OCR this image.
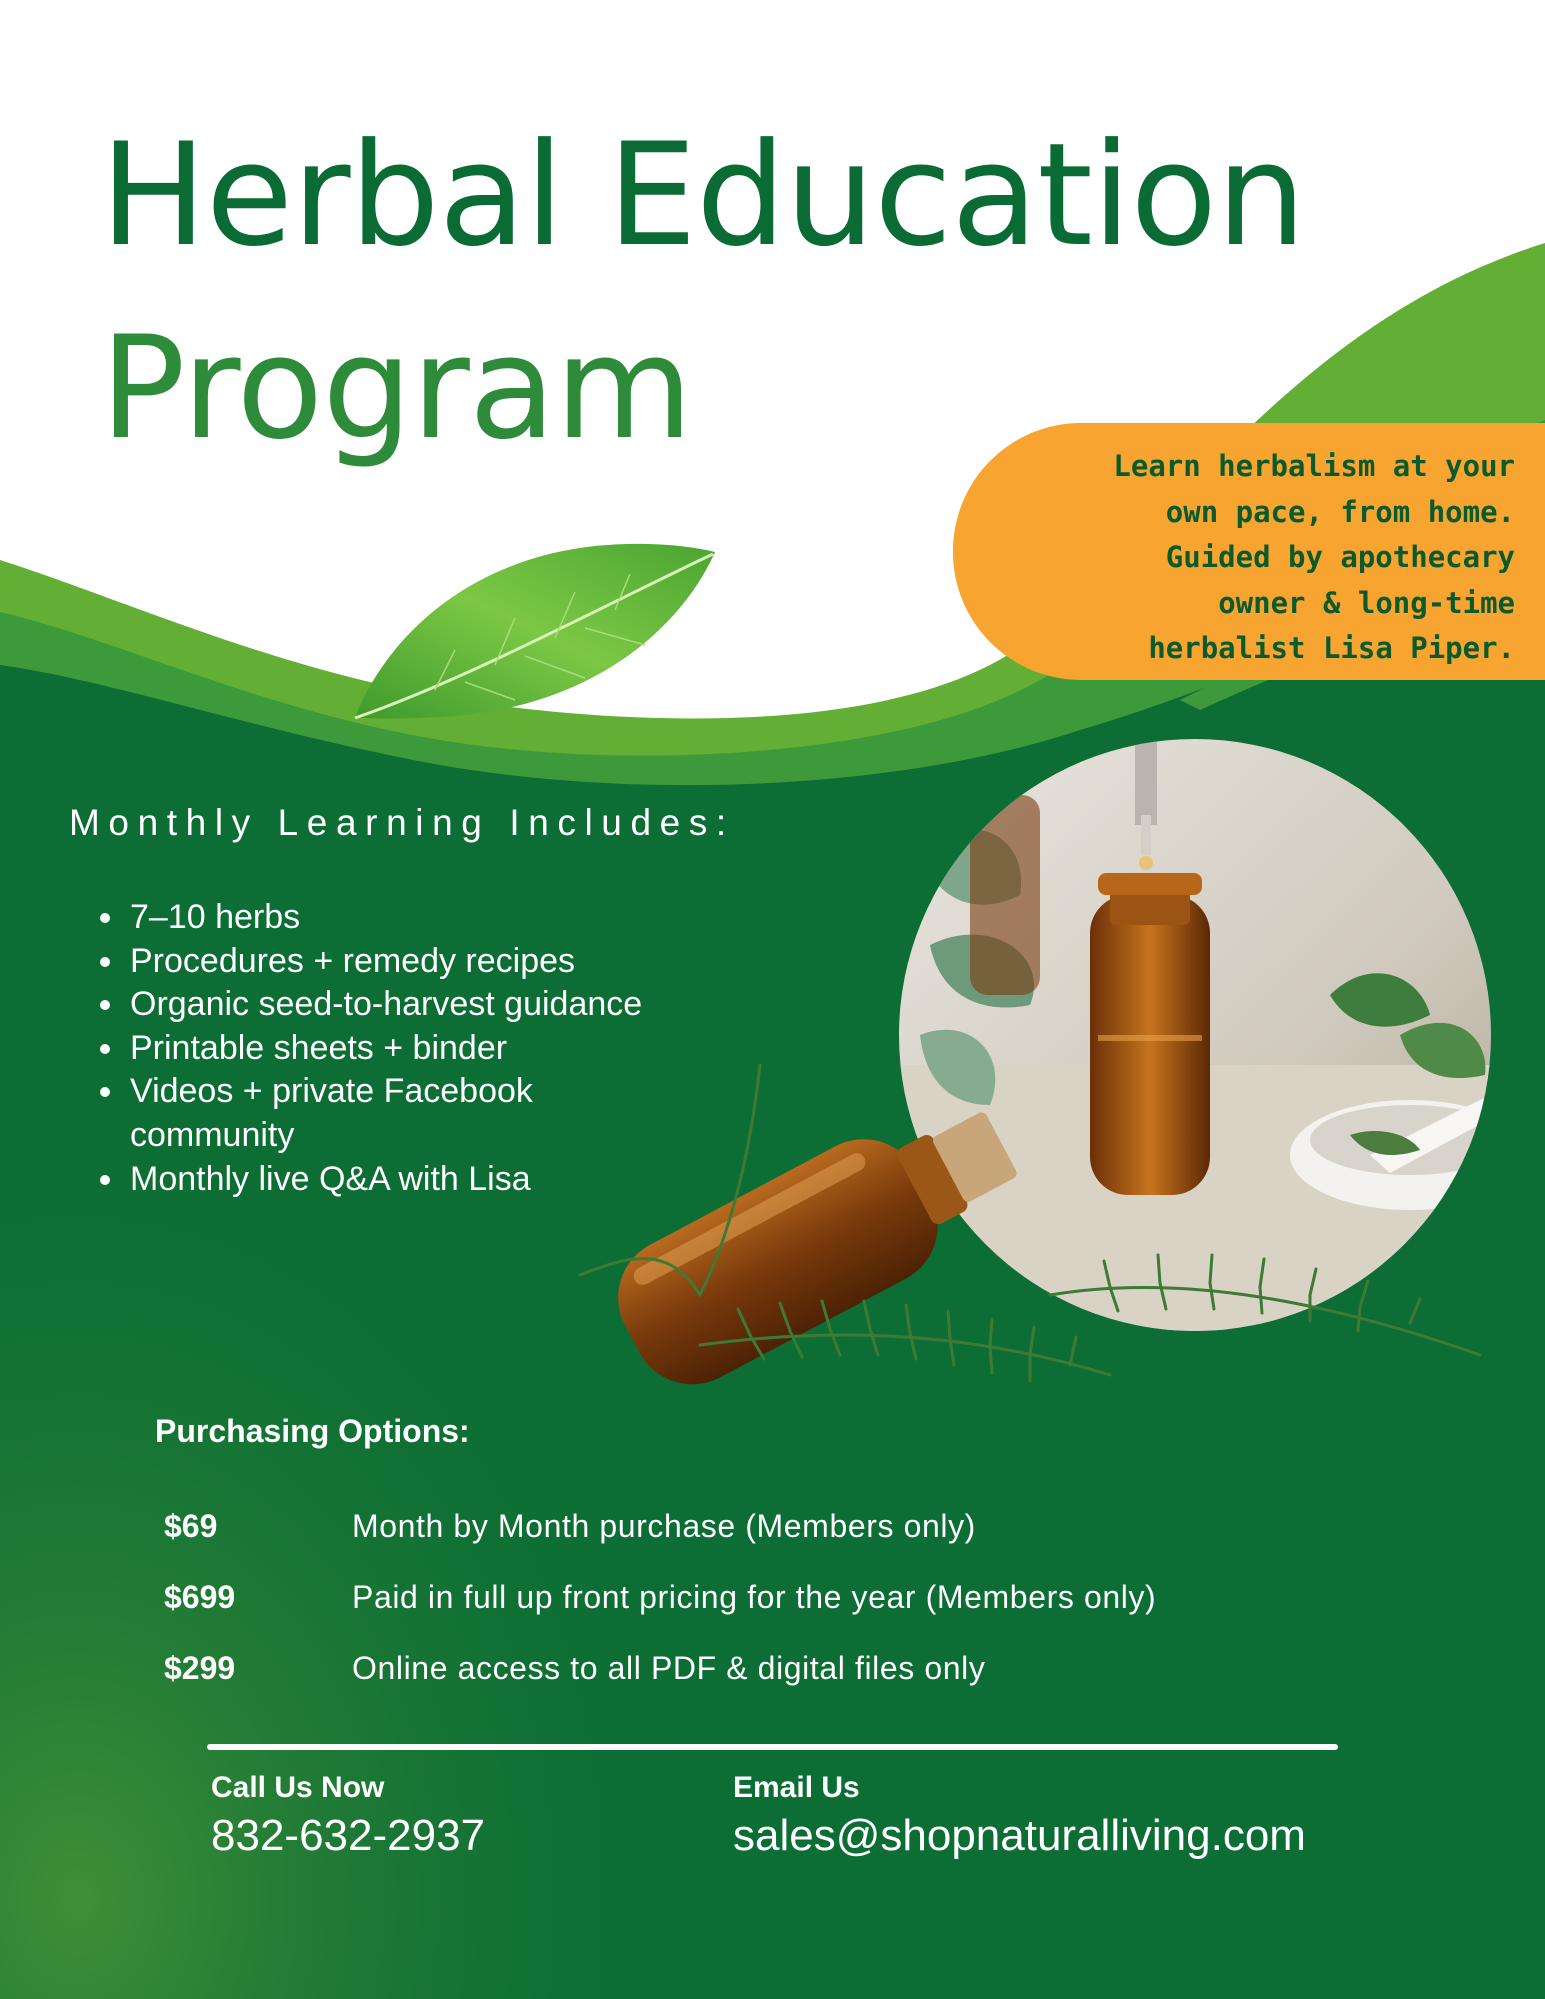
Herbal Education
Program	Learn herbalism at your
own pace, from home.
Guided by apothecary
owner & long-time
herbalist Lisa Piper.
Monthly Learning Includes:
7–10 herbs
Procedures + remedy recipes
Organic seed-to-harvest guidance
Printable sheets + binder
Videos + private Facebook community
Monthly live Q&A with Lisa
Purchasing Options:
$69	Month by Month purchase (Members only)
$699	Paid in full up front pricing for the year (Members only)
$299	Online access to all PDF & digital files only
Call Us Now
832-632-2937
Email Us
sales@shopnaturalliving.com
